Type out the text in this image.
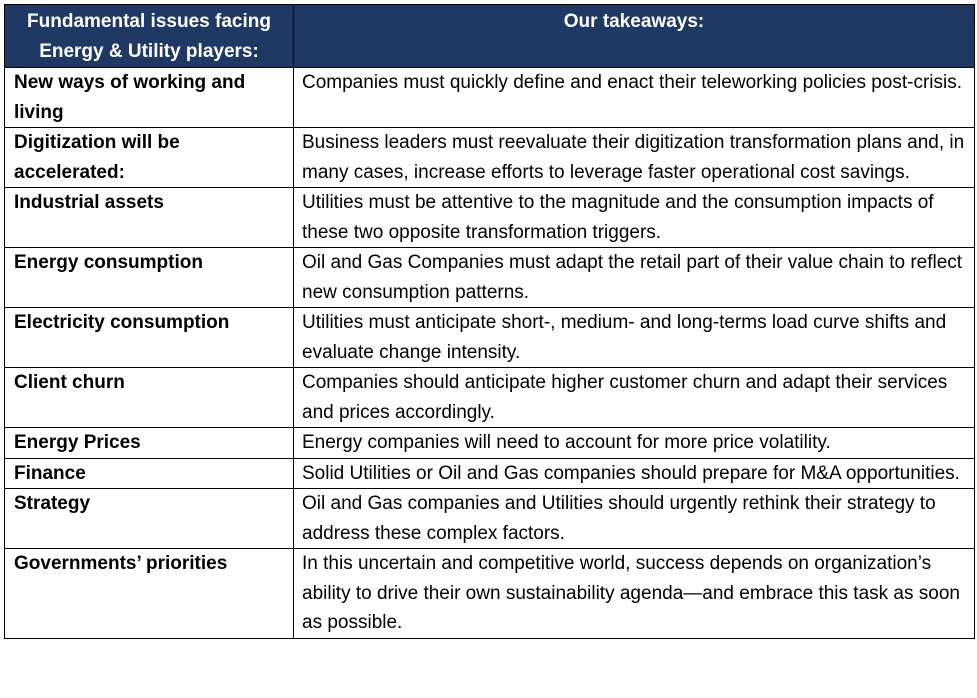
Fundamental issues facing Energy & Utility players:	Our takeaways:
New ways of working and living	Companies must quickly define and enact their teleworking policies post-crisis.
Digitization will be accelerated:	Business leaders must reevaluate their digitization transformation plans and, in many cases, increase efforts to leverage faster operational cost savings.
Industrial assets	Utilities must be attentive to the magnitude and the consumption impacts of these two opposite transformation triggers.
Energy consumption	Oil and Gas Companies must adapt the retail part of their value chain to reflect new consumption patterns.
Electricity consumption	Utilities must anticipate short-, medium- and long-terms load curve shifts and evaluate change intensity.
Client churn	Companies should anticipate higher customer churn and adapt their services and prices accordingly.
Energy Prices	Energy companies will need to account for more price volatility.
Finance	Solid Utilities or Oil and Gas companies should prepare for M&A opportunities.
Strategy	Oil and Gas companies and Utilities should urgently rethink their strategy to address these complex factors.
Governments’ priorities	In this uncertain and competitive world, success depends on organization’s ability to drive their own sustainability agenda—and embrace this task as soon as possible.
